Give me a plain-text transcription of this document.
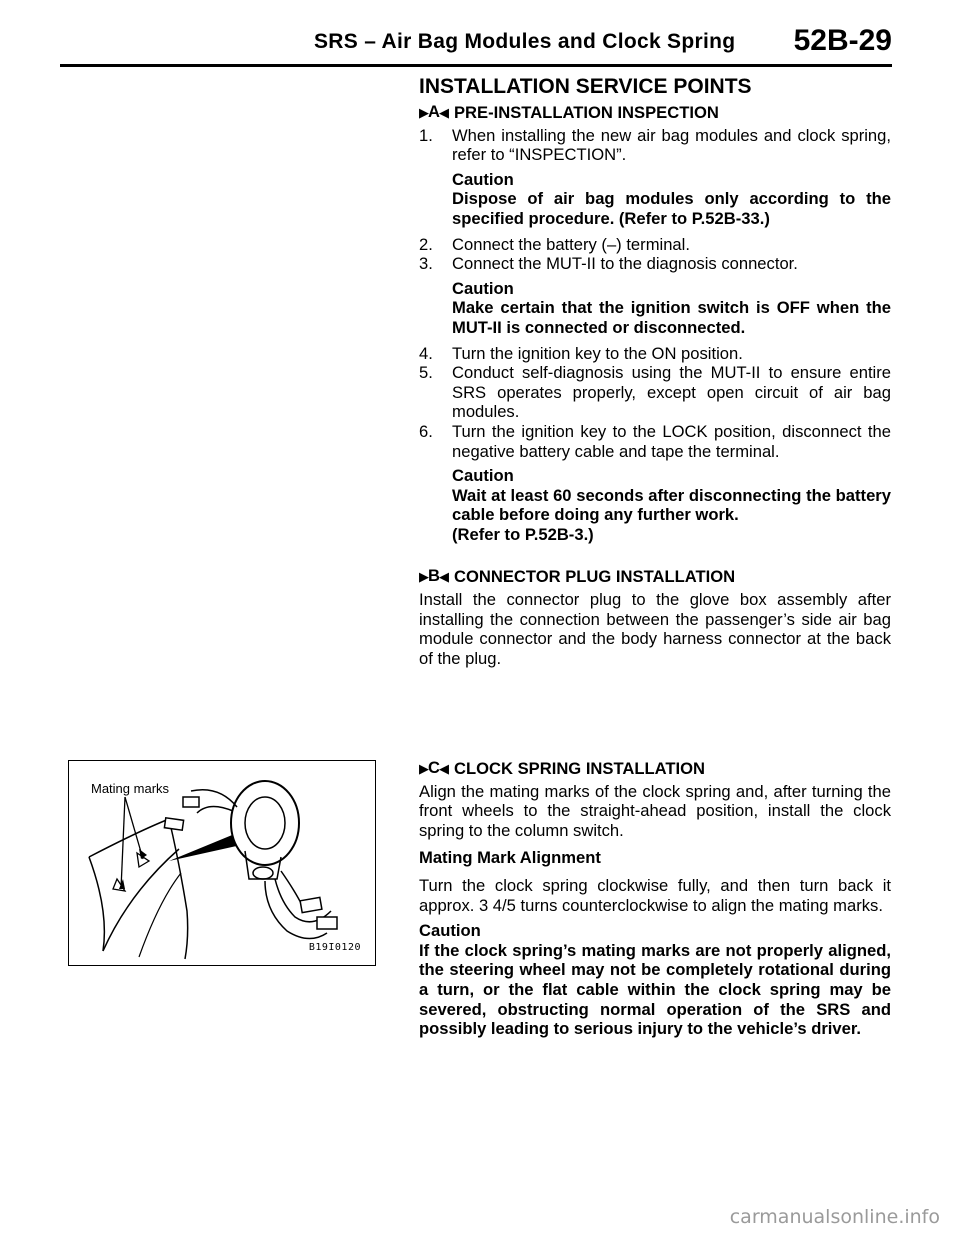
SRS – Air Bag Modules and Clock Spring 52B-29
INSTALLATION SERVICE POINTS
▶A◀ PRE-INSTALLATION INSPECTION
1. When installing the new air bag modules and clock spring, refer to “INSPECTION”.
Caution
Dispose of air bag modules only according to the specified procedure. (Refer to P.52B-33.)
2. Connect the battery (–) terminal.
3. Connect the MUT-II to the diagnosis connector.
Caution
Make certain that the ignition switch is OFF when the MUT-II is connected or disconnected.
4. Turn the ignition key to the ON position.
5. Conduct self-diagnosis using the MUT-II to ensure entire SRS operates properly, except open circuit of air bag modules.
6. Turn the ignition key to the LOCK position, disconnect the negative battery cable and tape the terminal.
Caution
Wait at least 60 seconds after disconnecting the battery cable before doing any further work.
(Refer to P.52B-3.)
▶B◀ CONNECTOR PLUG INSTALLATION
Install the connector plug to the glove box assembly after installing the connection between the passenger’s side air bag module connector and the body harness connector at the back of the plug.
Mating marks
B19I0120
▶C◀ CLOCK SPRING INSTALLATION
Align the mating marks of the clock spring and, after turning the front wheels to the straight-ahead position, install the clock spring to the column switch.
Mating Mark Alignment
Turn the clock spring clockwise fully, and then turn back it approx. 3 4/5 turns counterclockwise to align the mating marks.
Caution
If the clock spring’s mating marks are not properly aligned, the steering wheel may not be completely rotational during a turn, or the flat cable within the clock spring may be severed, obstructing normal operation of the SRS and possibly leading to serious injury to the vehicle’s driver.
carmanualsonline.info
